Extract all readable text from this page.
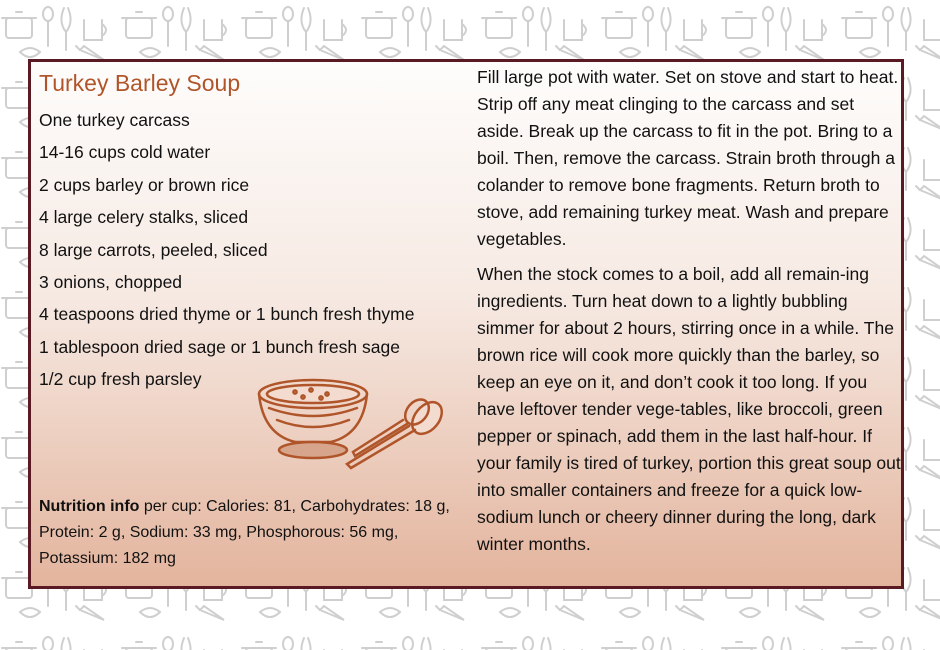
Turkey Barley Soup
One turkey carcass
14-16 cups cold water
2 cups barley or brown rice
4 large celery stalks, sliced
8 large carrots, peeled, sliced
3 onions, chopped
4 teaspoons dried thyme or 1 bunch fresh thyme
1 tablespoon dried sage or 1 bunch fresh sage
1/2 cup fresh parsley
Nutrition info per cup: Calories: 81, Carbohydrates: 18 g, Protein: 2 g, Sodium: 33 mg, Phosphorous: 56 mg, Potassium: 182 mg

Fill large pot with water. Set on stove and start to heat. Strip off any meat clinging to the carcass and set aside. Break up the carcass to fit in the pot. Bring to a boil. Then, remove the carcass. Strain broth through a colander to remove bone fragments. Return broth to stove, add remaining turkey meat. Wash and prepare vegetables.

When the stock comes to a boil, add all remain-ing ingredients. Turn heat down to a lightly bubbling simmer for about 2 hours, stirring once in a while. The brown rice will cook more quickly than the barley, so keep an eye on it, and don’t cook it too long. If you have leftover tender vege-tables, like broccoli, green pepper or spinach, add them in the last half-hour. If your family is tired of turkey, portion this great soup out into smaller containers and freeze for a quick low-sodium lunch or cheery dinner during the long, dark winter months.
